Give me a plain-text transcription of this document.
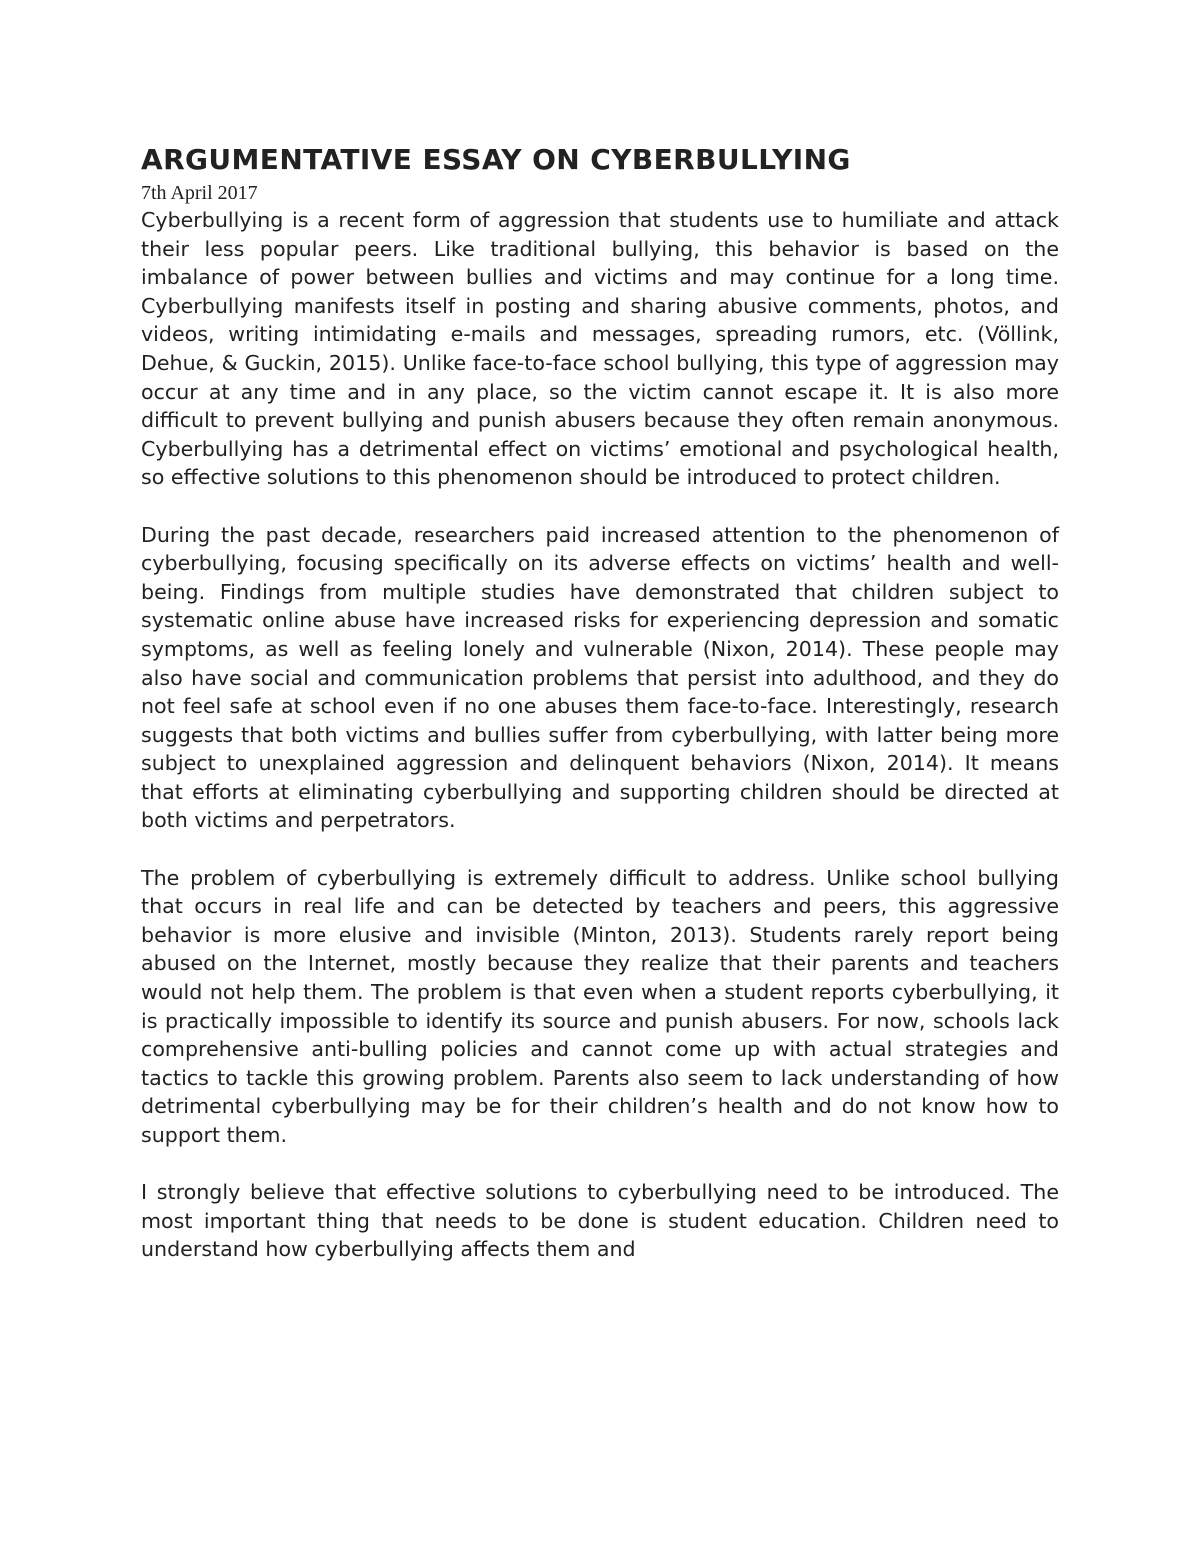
ARGUMENTATIVE ESSAY ON CYBERBULLYING

7th April 2017

Cyberbullying is a recent form of aggression that students use to humiliate and attack their less popular peers. Like traditional bullying, this behavior is based on the imbalance of power between bullies and victims and may continue for a long time. Cyberbullying manifests itself in posting and sharing abusive comments, photos, and videos, writing intimidating e-mails and messages, spreading rumors, etc. (Völlink, Dehue, & Guckin, 2015). Unlike face-to-face school bullying, this type of aggression may occur at any time and in any place, so the victim cannot escape it. It is also more difficult to prevent bullying and punish abusers because they often remain anonymous. Cyberbullying has a detrimental effect on victims’ emotional and psychological health, so effective solutions to this phenomenon should be introduced to protect children.

During the past decade, researchers paid increased attention to the phenomenon of cyberbullying, focusing specifically on its adverse effects on victims’ health and well-being. Findings from multiple studies have demonstrated that children subject to systematic online abuse have increased risks for experiencing depression and somatic symptoms, as well as feeling lonely and vulnerable (Nixon, 2014). These people may also have social and communication problems that persist into adulthood, and they do not feel safe at school even if no one abuses them face-to-face. Interestingly, research suggests that both victims and bullies suffer from cyberbullying, with latter being more subject to unexplained aggression and delinquent behaviors (Nixon, 2014). It means that efforts at eliminating cyberbullying and supporting children should be directed at both victims and perpetrators.

The problem of cyberbullying is extremely difficult to address. Unlike school bullying that occurs in real life and can be detected by teachers and peers, this aggressive behavior is more elusive and invisible (Minton, 2013). Students rarely report being abused on the Internet, mostly because they realize that their parents and teachers would not help them. The problem is that even when a student reports cyberbullying, it is practically impossible to identify its source and punish abusers. For now, schools lack comprehensive anti-bulling policies and cannot come up with actual strategies and tactics to tackle this growing problem. Parents also seem to lack understanding of how detrimental cyberbullying may be for their children’s health and do not know how to support them.

I strongly believe that effective solutions to cyberbullying need to be introduced. The most important thing that needs to be done is student education. Children need to understand how cyberbullying affects them and
